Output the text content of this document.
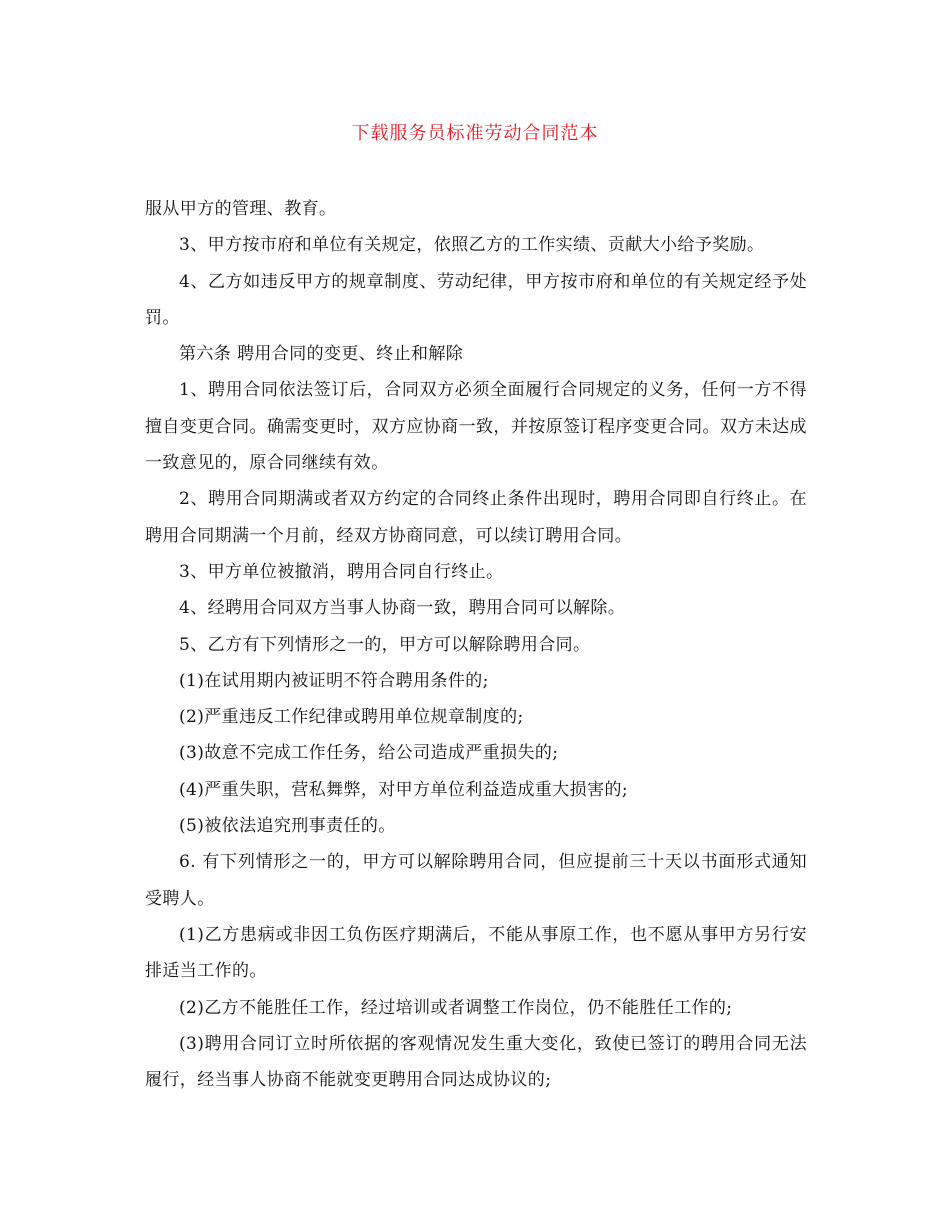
下载服务员标准劳动合同范本

服从甲方的管理、教育。

3、甲方按市府和单位有关规定，依照乙方的工作实绩、贡献大小给予奖励。

4、乙方如违反甲方的规章制度、劳动纪律，甲方按市府和单位的有关规定经予处罚。

第六条 聘用合同的变更、终止和解除

1、聘用合同依法签订后，合同双方必须全面履行合同规定的义务，任何一方不得擅自变更合同。确需变更时，双方应协商一致，并按原签订程序变更合同。双方未达成一致意见的，原合同继续有效。

2、聘用合同期满或者双方约定的合同终止条件出现时，聘用合同即自行终止。在聘用合同期满一个月前，经双方协商同意，可以续订聘用合同。

3、甲方单位被撤消，聘用合同自行终止。

4、经聘用合同双方当事人协商一致，聘用合同可以解除。

5、乙方有下列情形之一的，甲方可以解除聘用合同。

(1)在试用期内被证明不符合聘用条件的;

(2)严重违反工作纪律或聘用单位规章制度的;

(3)故意不完成工作任务，给公司造成严重损失的;

(4)严重失职，营私舞弊，对甲方单位利益造成重大损害的;

(5)被依法追究刑事责任的。

6. 有下列情形之一的，甲方可以解除聘用合同，但应提前三十天以书面形式通知受聘人。

(1)乙方患病或非因工负伤医疗期满后，不能从事原工作，也不愿从事甲方另行安排适当工作的。

(2)乙方不能胜任工作，经过培训或者调整工作岗位，仍不能胜任工作的;

(3)聘用合同订立时所依据的客观情况发生重大变化，致使已签订的聘用合同无法履行，经当事人协商不能就变更聘用合同达成协议的;
